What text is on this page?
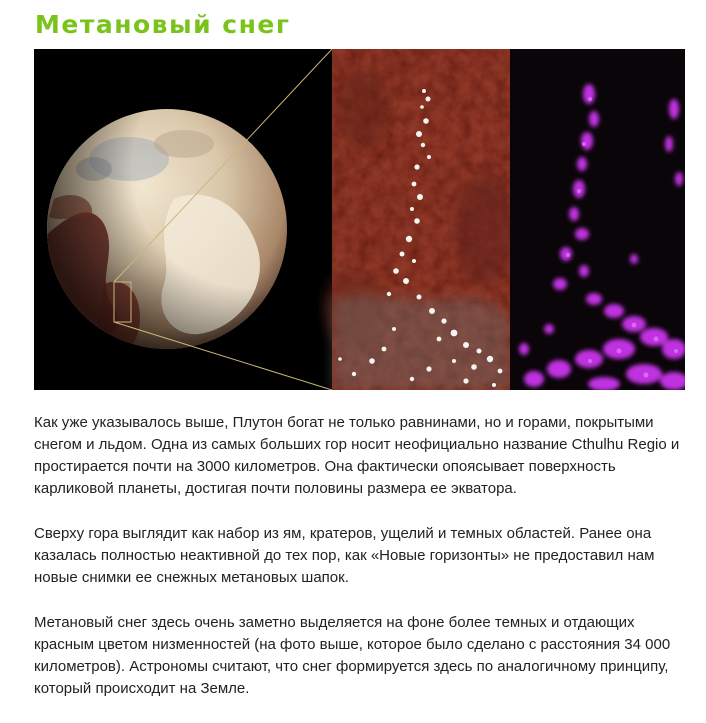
Метановый снег

Как уже указывалось выше, Плутон богат не только равнинами, но и горами, покрытыми снегом и льдом. Одна из самых больших гор носит неофициально название Cthulhu Regio и простирается почти на 3000 километров. Она фактически опоясывает поверхность карликовой планеты, достигая почти половины размера ее экватора.

Сверху гора выглядит как набор из ям, кратеров, ущелий и темных областей. Ранее она казалась полностью неактивной до тех пор, как «Новые горизонты» не предоставил нам новые снимки ее снежных метановых шапок.

Метановый снег здесь очень заметно выделяется на фоне более темных и отдающих красным цветом низменностей (на фото выше, которое было сделано с расстояния 34 000 километров). Астрономы считают, что снег формируется здесь по аналогичному принципу, который происходит на Земле.
